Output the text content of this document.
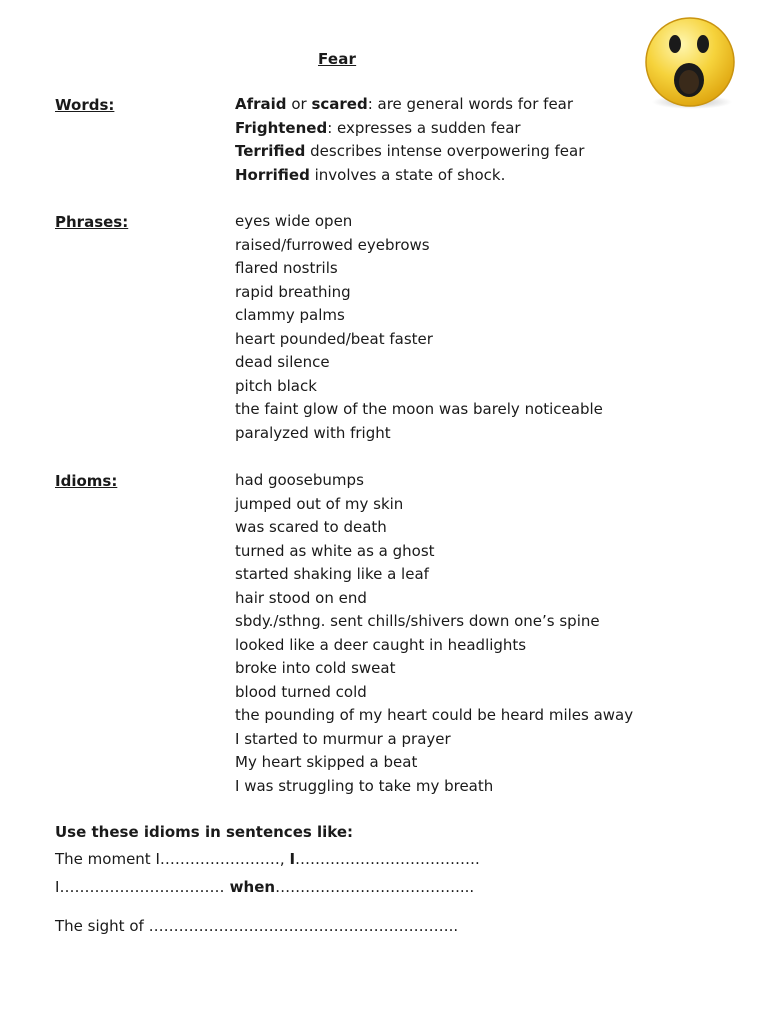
Fear
Words:	Afraid or scared: are general words for fear
Frightened: expresses a sudden fear
Terrified describes intense overpowering fear
Horrified involves a state of shock.
Phrases:	eyes wide open
raised/furrowed eyebrows
flared nostrils
rapid breathing
clammy palms
heart pounded/beat faster
dead silence
pitch black
the faint glow of the moon was barely noticeable
paralyzed with fright
Idioms:	had goosebumps
jumped out of my skin
was scared to death
turned as white as a ghost
started shaking like a leaf
hair stood on end
sbdy./sthng. sent chills/shivers down one’s spine
looked like a deer caught in headlights
broke into cold sweat
blood turned cold
the pounding of my heart could be heard miles away
I started to murmur a prayer
My heart skipped a beat
I was struggling to take my breath
Use these idioms in sentences like:
The moment I……………………, I……………………………….
I…………………………… when………………………………....
The sight of ……………………………………………………..
